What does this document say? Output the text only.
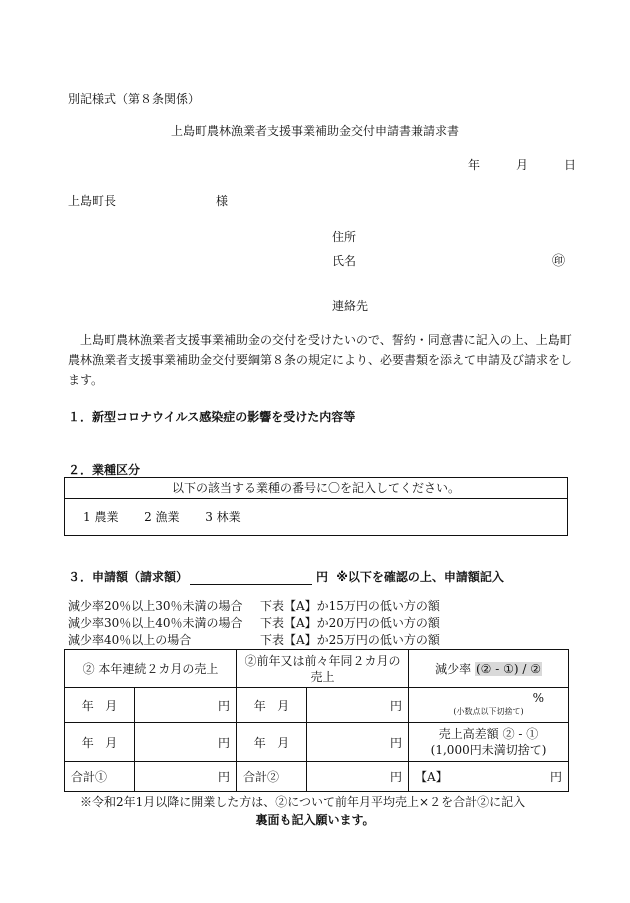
別記様式（第８条関係）
上島町農林漁業者支援事業補助金交付申請書兼請求書
年	月	日
上島町長	様
住所
氏名	㊞
連絡先
上島町農林漁業者支援事業補助金の交付を受けたいので、誓約・同意書に記入の上、上島町農林漁業者支援事業補助金交付要綱第８条の規定により、必要書類を添えて申請及び請求をします。
１．新型コロナウイルス感染症の影響を受けた内容等
２．業種区分
以下の該当する業種の番号に〇を記入してください。
1 農業 2 漁業 3 林業
３．申請額（請求額）	円 ※以下を確認の上、申請額記入
減少率20％以上30％未満の場合 下表【A】か15万円の低い方の額
減少率30％以上40％未満の場合 下表【A】か20万円の低い方の額
減少率40％以上の場合	下表【A】か25万円の低い方の額
② 本年連続２カ月の売上		②前年又は前々年同２カ月の売上		減少率 (② - ①) / ②
年 月	円	年 月	円	%
(小数点以下切捨て)

年 月	円	年 月	円	売上高差額 ② - ①
(1,000円未満切捨て)

合計①	円	合計②	円	【A】 円
※令和2年1月以降に開業した方は、②について前年月平均売上×２を合計②に記入
裏面も記入願います。
